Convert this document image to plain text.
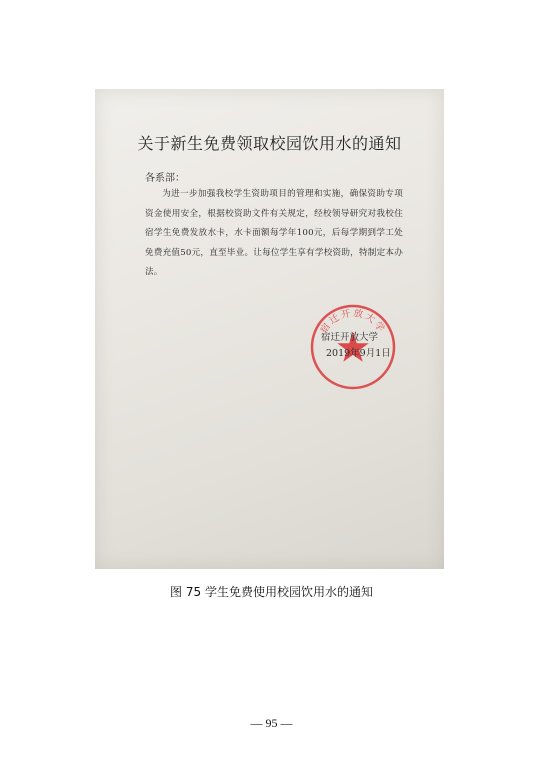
关于新生免费领取校园饮用水的通知
各系部：
为进一步加强我校学生资助项目的管理和实施，确保资助专项资金使用安全，根据校资助文件有关规定，经校领导研究对我校住宿学生免费发放水卡，水卡面额每学年100元，后每学期到学工处免费充值50元，直至毕业。让每位学生享有学校资助，特制定本办法。
宿迁开放大学
宿迁开放大学
2019年9月1日
图 75 学生免费使用校园饮用水的通知
— 95 —
